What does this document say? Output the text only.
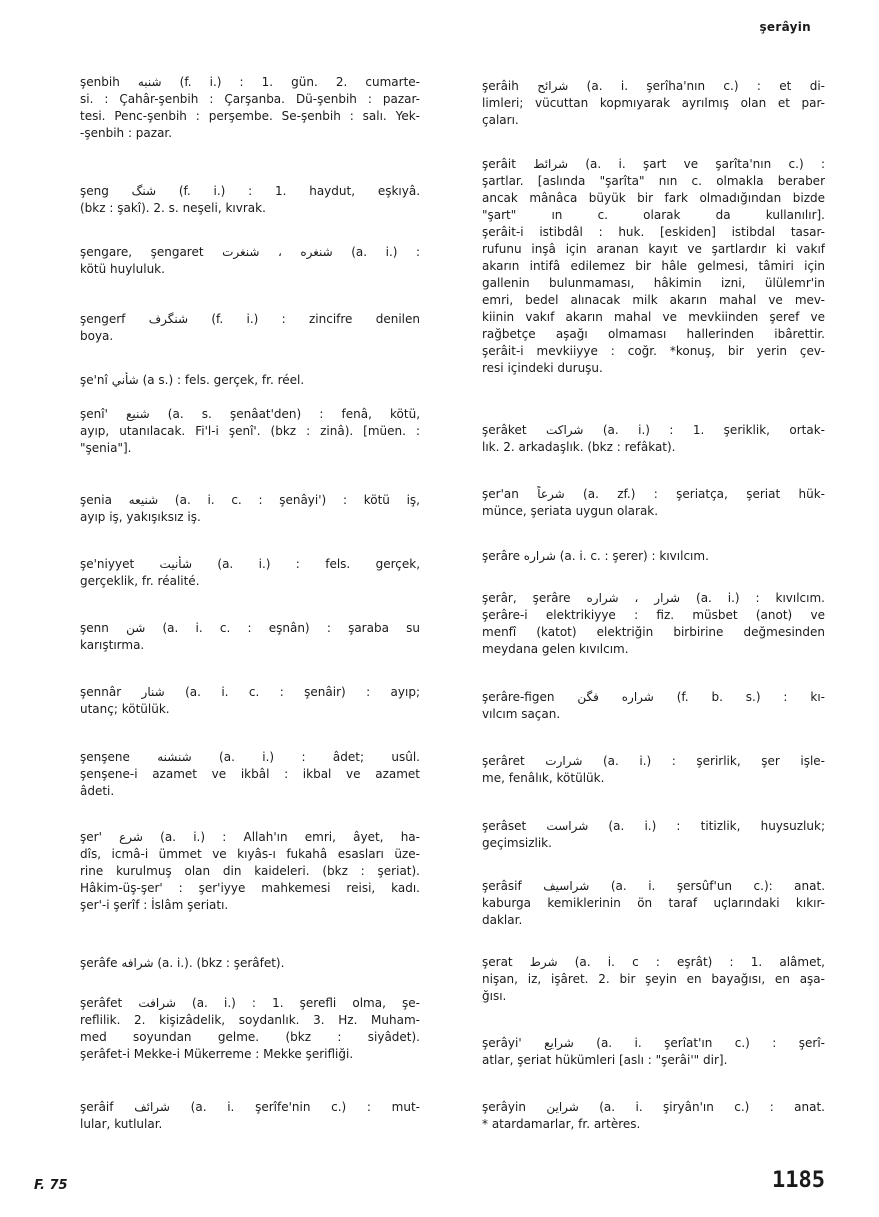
şerâyin
şenbih شنبه (f. i.) : 1. gün. 2. cumarte-
si. : Çahâr-şenbih : Çarşanba. Dü-şenbih : pazar-
tesi. Penc-şenbih : perşembe. Se-şenbih : salı. Yek-
-şenbih : pazar.
şeng شنگ (f. i.) : 1. haydut, eşkıyâ.
(bkz : şakî). 2. s. neşeli, kıvrak.
şengare, şengaret شنغره ، شنغرت (a. i.) :
kötü huyluluk.
şengerf شنگرف (f. i.) : zincifre denilen
boya.
şe'nî شأني (a s.) : fels. gerçek, fr. réel.
şenî' شنيع (a. s. şenâat'den) : fenâ, kötü,
ayıp, utanılacak. Fi'l-i şenî'. (bkz : zinâ). [müen. :
"şenia"].
şenia شنيعه (a. i. c. : şenâyi') : kötü iş,
ayıp iş, yakışıksız iş.
şe'niyyet شأنيت (a. i.) : fels. gerçek,
gerçeklik, fr. réalité.
şenn شن (a. i. c. : eşnân) : şaraba su
karıştırma.
şennâr شنار (a. i. c. : şenâir) : ayıp;
utanç; kötülük.
şenşene شنشنه (a. i.) : âdet; usûl.
şenşene-i azamet ve ikbâl : ikbal ve azamet
âdeti.
şer' شرع (a. i.) : Allah'ın emri, âyet, ha-
dîs, icmâ-i ümmet ve kıyâs-ı fukahâ esasları üze-
rine kurulmuş olan din kaideleri. (bkz : şeriat).
Hâkim-üş-şer' : şer'iyye mahkemesi reisi, kadı.
şer'-i şerîf : İslâm şeriatı.
şerâfe شرافه (a. i.). (bkz : şerâfet).
şerâfet شرافت (a. i.) : 1. şerefli olma, şe-
reflilik. 2. kişizâdelik, soydanlık. 3. Hz. Muham-
med soyundan gelme. (bkz : siyâdet).
şerâfet-i Mekke-i Mükerreme : Mekke şerifliği.
şerâif شرائف (a. i. şerîfe'nin c.) : mut-
lular, kutlular.
şerâih شرائح (a. i. şerîha'nın c.) : et di-
limleri; vücuttan kopmıyarak ayrılmış olan et par-
çaları.
şerâit شرائط (a. i. şart ve şarîta'nın c.) :
şartlar. [aslında "şarîta" nın c. olmakla beraber
ancak mânâca büyük bir fark olmadığından bizde
"şart" ın c. olarak da kullanılır].
şerâit-i istibdâl : huk. [eskiden] istibdal tasar-
rufunu inşâ için aranan kayıt ve şartlardır ki vakıf
akarın intifâ edilemez bir hâle gelmesi, tâmiri için
gallenin bulunmaması, hâkimin izni, ülülemr'in
emri, bedel alınacak milk akarın mahal ve mev-
kiinin vakıf akarın mahal ve mevkiinden şeref ve
rağbetçe aşağı olmaması hallerinden ibârettir.
şerâit-i mevkiiyye : coğr. *konuş, bir yerin çev-
resi içindeki duruşu.
şerâket شراكت (a. i.) : 1. şeriklik, ortak-
lık. 2. arkadaşlık. (bkz : refâkat).
şer'an شرعاً (a. zf.) : şeriatça, şeriat hük-
münce, şeriata uygun olarak.
şerâre شراره (a. i. c. : şerer) : kıvılcım.
şerâr, şerâre شرار ، شراره (a. i.) : kıvılcım.
şerâre-i elektrikiyye : fiz. müsbet (anot) ve
menfî (katot) elektriğin birbirine değmesinden
meydana gelen kıvılcım.
şerâre-figen شراره فگن (f. b. s.) : kı-
vılcım saçan.
şerâret شرارت (a. i.) : şerirlik, şer işle-
me, fenâlık, kötülük.
şerâset شراست (a. i.) : titizlik, huysuzluk;
geçimsizlik.
şerâsif شراسيف (a. i. şersûf'un c.): anat.
kaburga kemiklerinin ön taraf uçlarındaki kıkır-
daklar.
şerat شرط (a. i. c : eşrât) : 1. alâmet,
nişan, iz, işâret. 2. bir şeyin en bayağısı, en aşa-
ğısı.
şerâyi' شرايع (a. i. şerîat'ın c.) : şerî-
atlar, şeriat hükümleri [aslı : "şerâi'" dir].
şerâyin شراين (a. i. şiryân'ın c.) : anat.
* atardamarlar, fr. artères.
F. 75	1185
